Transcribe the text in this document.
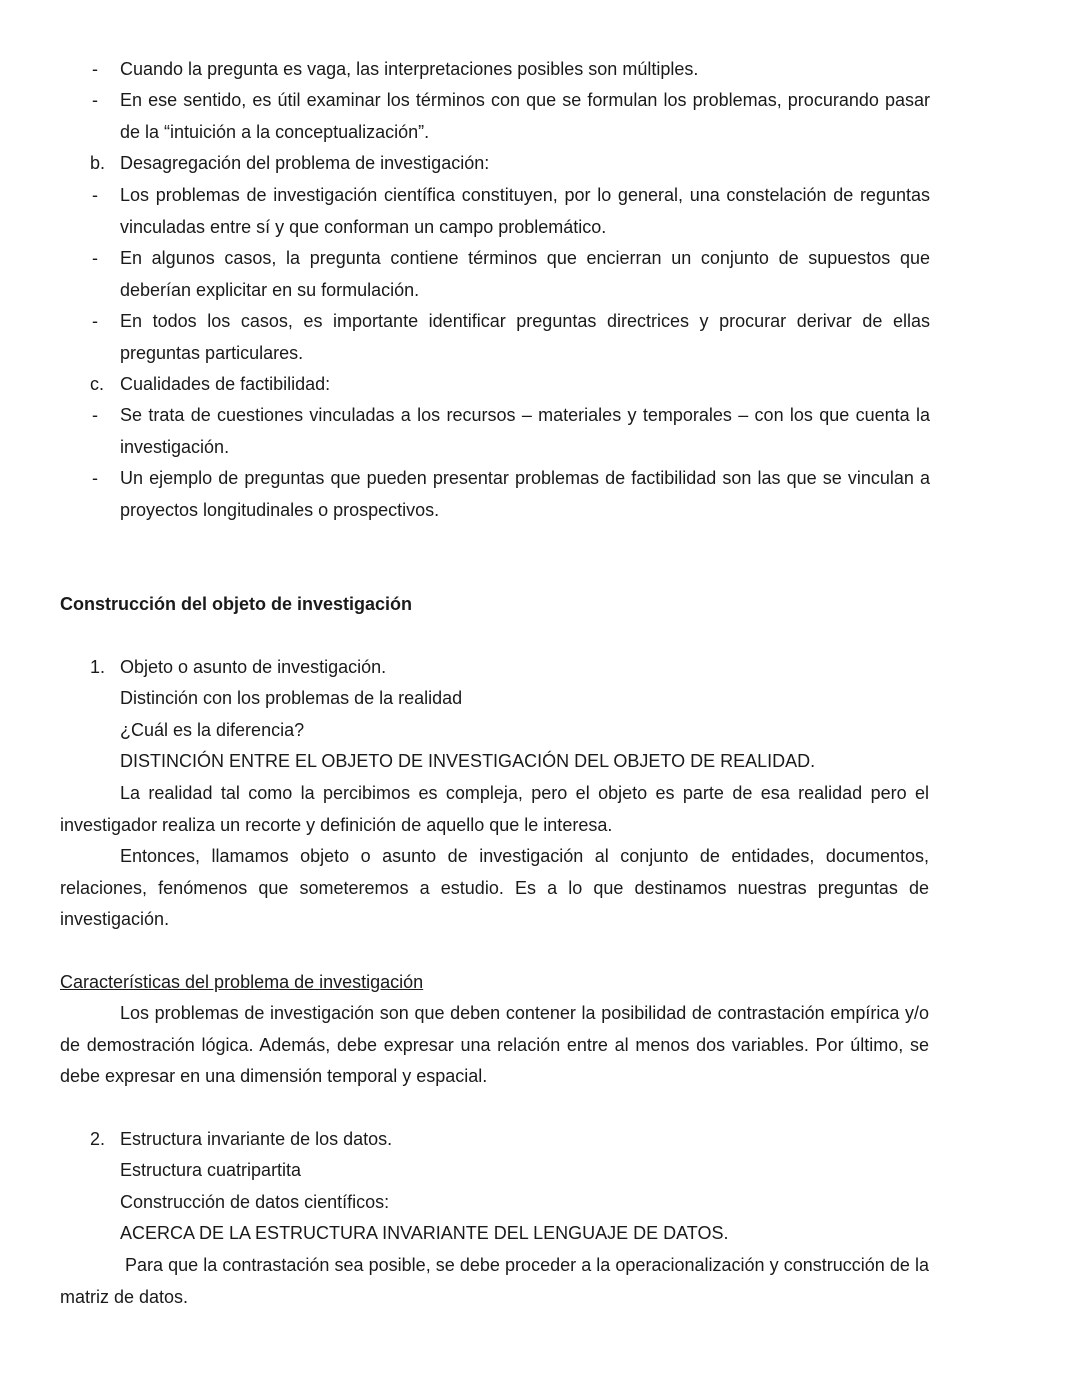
-	Cuando la pregunta es vaga, las interpretaciones posibles son múltiples.
-	En ese sentido, es útil examinar los términos con que se formulan los problemas, procurando pasar de la “intuición a la conceptualización”.
b. Desagregación del problema de investigación:
-	Los problemas de investigación científica constituyen, por lo general, una constelación de reguntas vinculadas entre sí y que conforman un campo problemático.
-	En algunos casos, la pregunta contiene términos que encierran un conjunto de supuestos que deberían explicitar en su formulación.
-	En todos los casos, es importante identificar preguntas directrices y procurar derivar de ellas preguntas particulares.
c. Cualidades de factibilidad:
-	Se trata de cuestiones vinculadas a los recursos – materiales y temporales – con los que cuenta la investigación.
-	Un ejemplo de preguntas que pueden presentar problemas de factibilidad son las que se vinculan a proyectos longitudinales o prospectivos.
Construcción del objeto de investigación
1. Objeto o asunto de investigación.
Distinción con los problemas de la realidad
¿Cuál es la diferencia?
DISTINCIÓN ENTRE EL OBJETO DE INVESTIGACIÓN DEL OBJETO DE REALIDAD.
La realidad tal como la percibimos es compleja, pero el objeto es parte de esa realidad pero el investigador realiza un recorte y definición de aquello que le interesa.
Entonces, llamamos objeto o asunto de investigación al conjunto de entidades, documentos, relaciones, fenómenos que someteremos a estudio. Es a lo que destinamos nuestras preguntas de investigación.
Características del problema de investigación
Los problemas de investigación son que deben contener la posibilidad de contrastación empírica y/o de demostración lógica. Además, debe expresar una relación entre al menos dos variables. Por último, se debe expresar en una dimensión temporal y espacial.
2. Estructura invariante de los datos.
Estructura cuatripartita
Construcción de datos científicos:
ACERCA DE LA ESTRUCTURA INVARIANTE DEL LENGUAJE DE DATOS.
Para que la contrastación sea posible, se debe proceder a la operacionalización y construcción de la matriz de datos.
